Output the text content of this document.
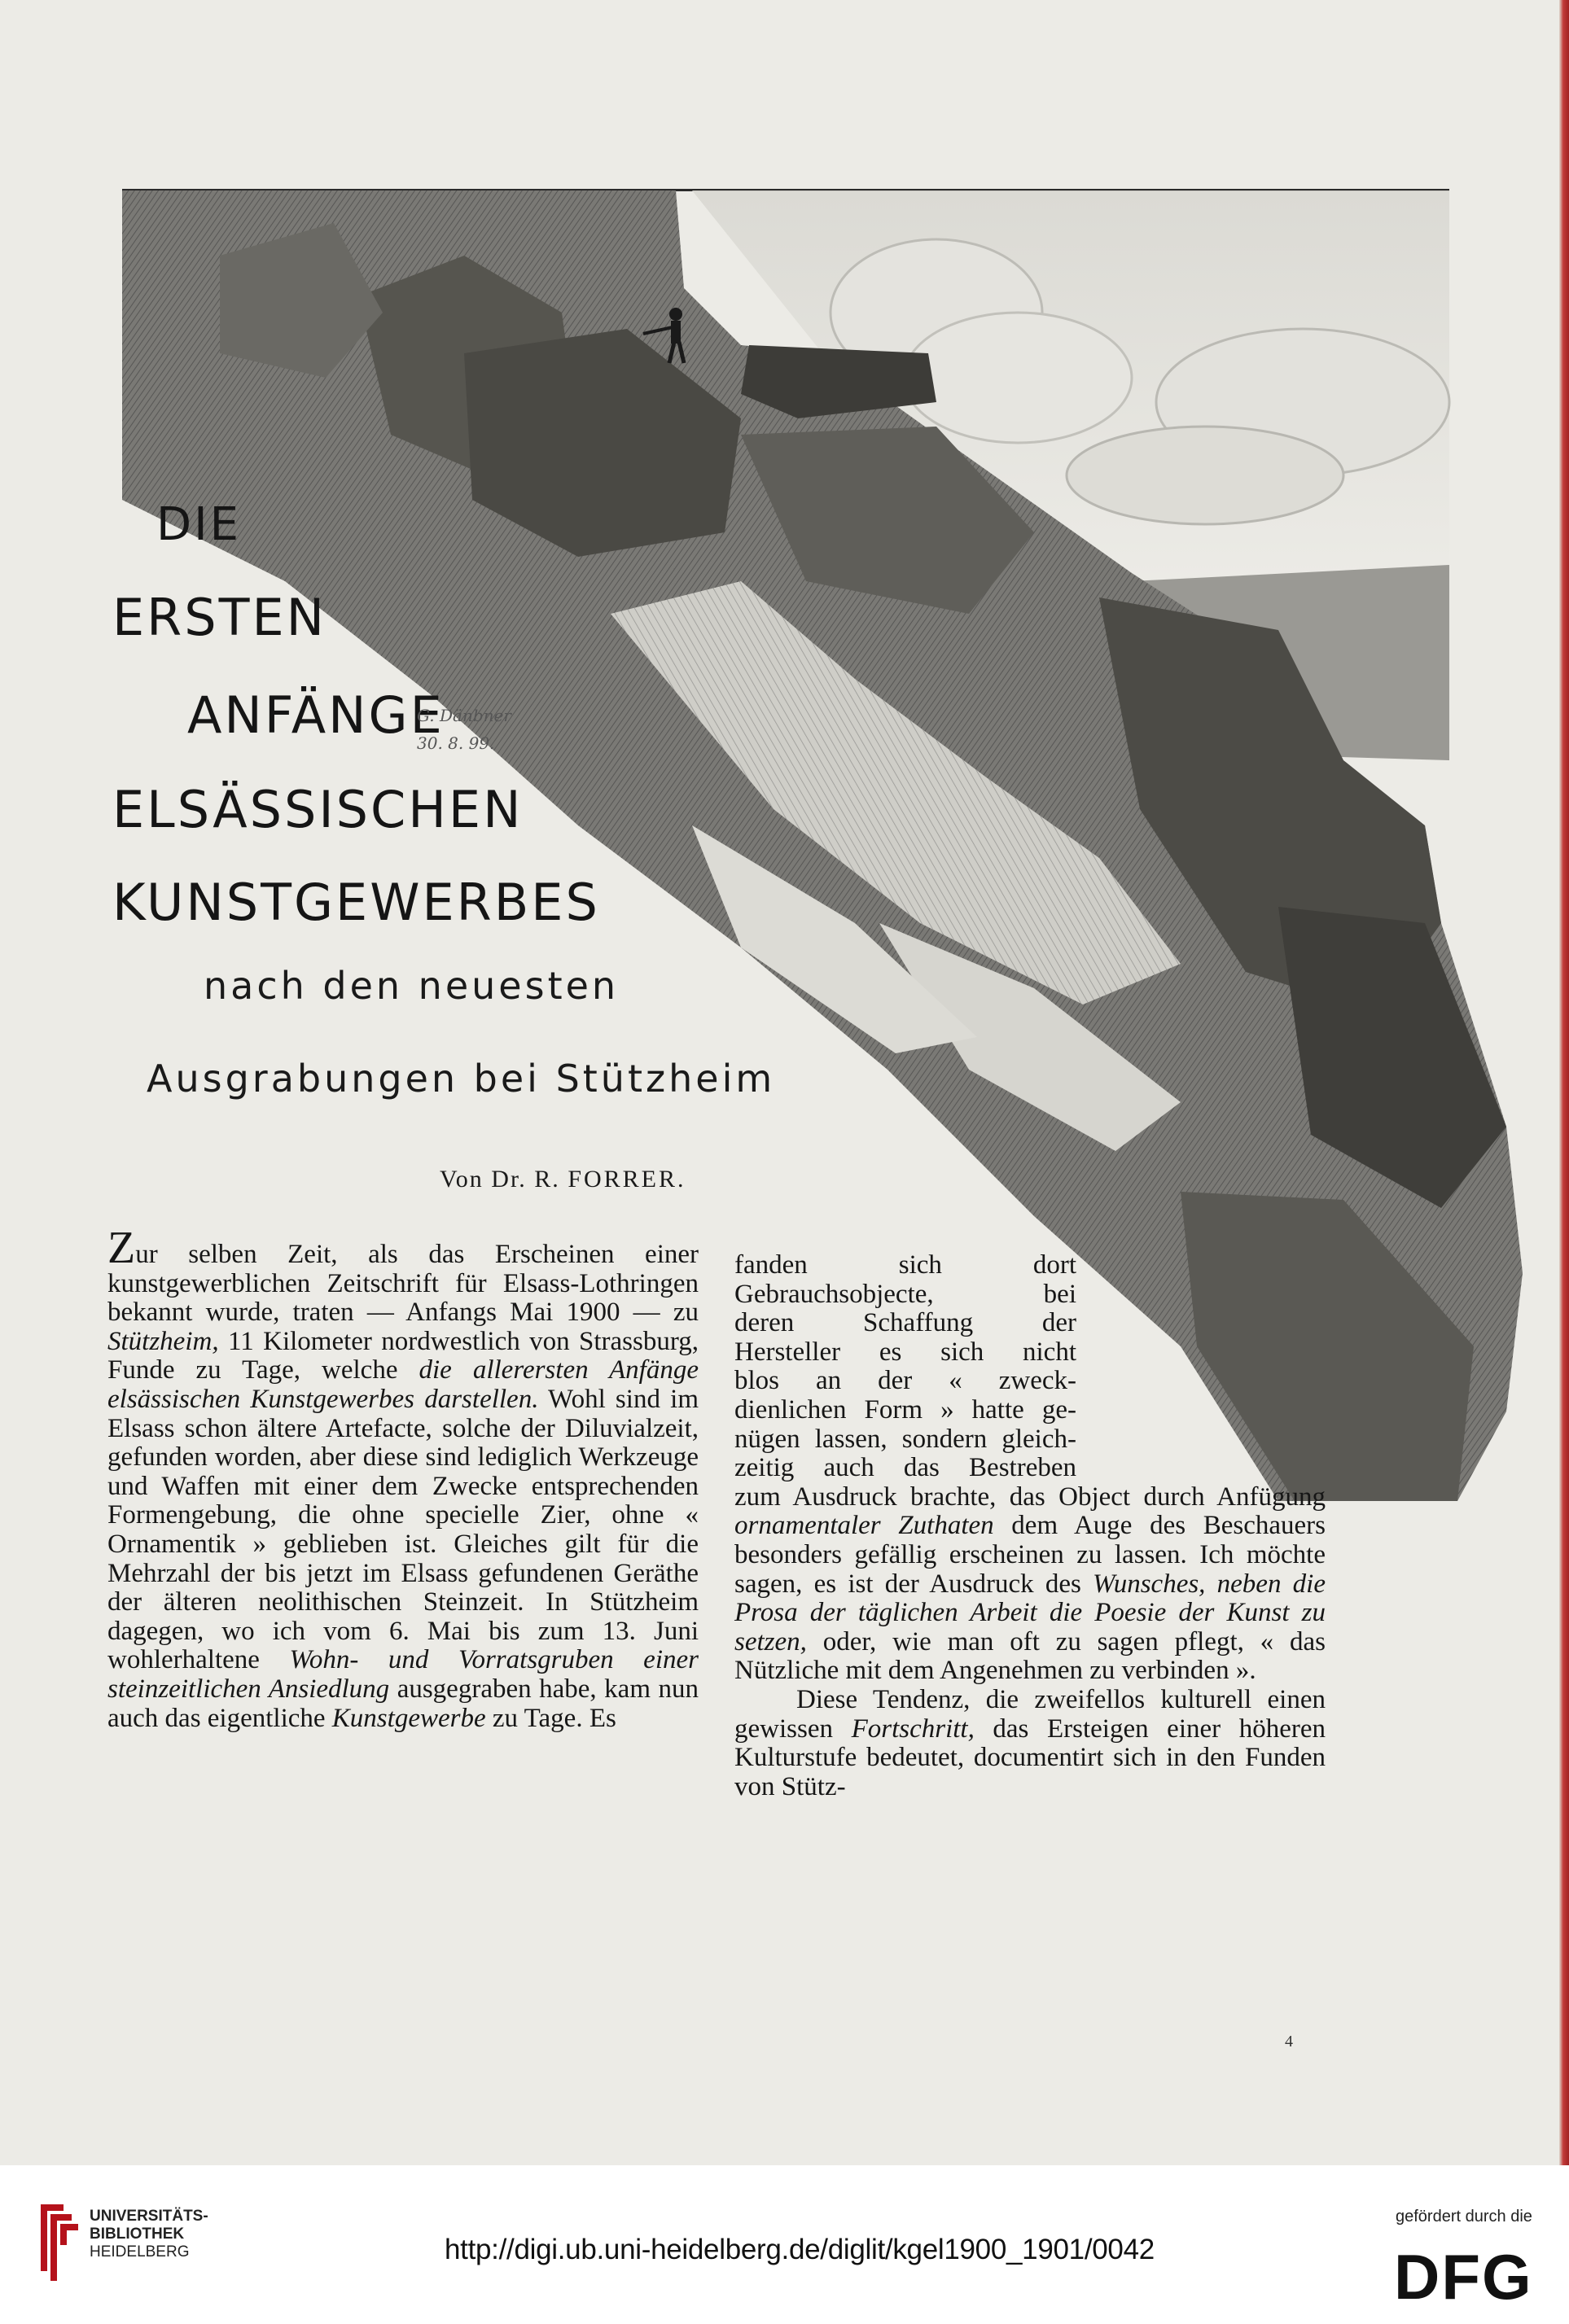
DIE
ERSTEN
ANFÄNGE
ELSÄSSISCHEN
KUNSTGEWERBES
G. Dänbner
30. 8. 99.
nach den neuesten
Ausgrabungen bei Stützheim
Von Dr. R. FORRER.

Zur selben Zeit, als das Erscheinen einer kunstgewerblichen Zeitschrift für Elsass-Lothringen bekannt wurde, traten — Anfangs Mai 1900 — zu Stützheim, 11 Kilometer nordwestlich von Strassburg, Funde zu Tage, welche die allerersten Anfänge elsässischen Kunstgewerbes darstellen. Wohl sind im Elsass schon ältere Artefacte, solche der Diluvialzeit, gefunden worden, aber diese sind lediglich Werkzeuge und Waffen mit einer dem Zwecke entsprechenden Formengebung, die ohne specielle Zier, ohne « Ornamentik » geblieben ist. Gleiches gilt für die Mehrzahl der bis jetzt im Elsass gefundenen Geräthe der älteren neolithischen Steinzeit. In Stützheim dagegen, wo ich vom 6. Mai bis zum 13. Juni wohlerhaltene Wohn- und Vorratsgruben einer steinzeitlichen Ansiedlung ausgegraben habe, kam nun auch das eigentliche Kunstgewerbe zu Tage. Es

fanden sich dort
Gebrauchsobjecte, bei
deren Schaffung der
Hersteller es sich nicht
blos an der « zweck-
dienlichen Form » hatte ge-
nügen lassen, sondern gleich-
zeitig auch das Bestreben

zum Ausdruck brachte, das Object durch Anfügung ornamentaler Zuthaten dem Auge des Beschauers besonders gefällig erscheinen zu lassen. Ich möchte sagen, es ist der Ausdruck des Wunsches, neben die Prosa der täglichen Arbeit die Poesie der Kunst zu setzen, oder, wie man oft zu sagen pflegt, « das Nützliche mit dem Angenehmen zu verbinden ».

Diese Tendenz, die zweifellos kulturell einen gewissen Fortschritt, das Ersteigen einer höheren Kulturstufe bedeutet, documentirt sich in den Funden von Stütz-

4
UNIVERSITÄTS-
BIBLIOTHEK
HEIDELBERG	http://digi.ub.uni-heidelberg.de/diglit/kgel1900_1901/0042
gefördert durch die
DFG
